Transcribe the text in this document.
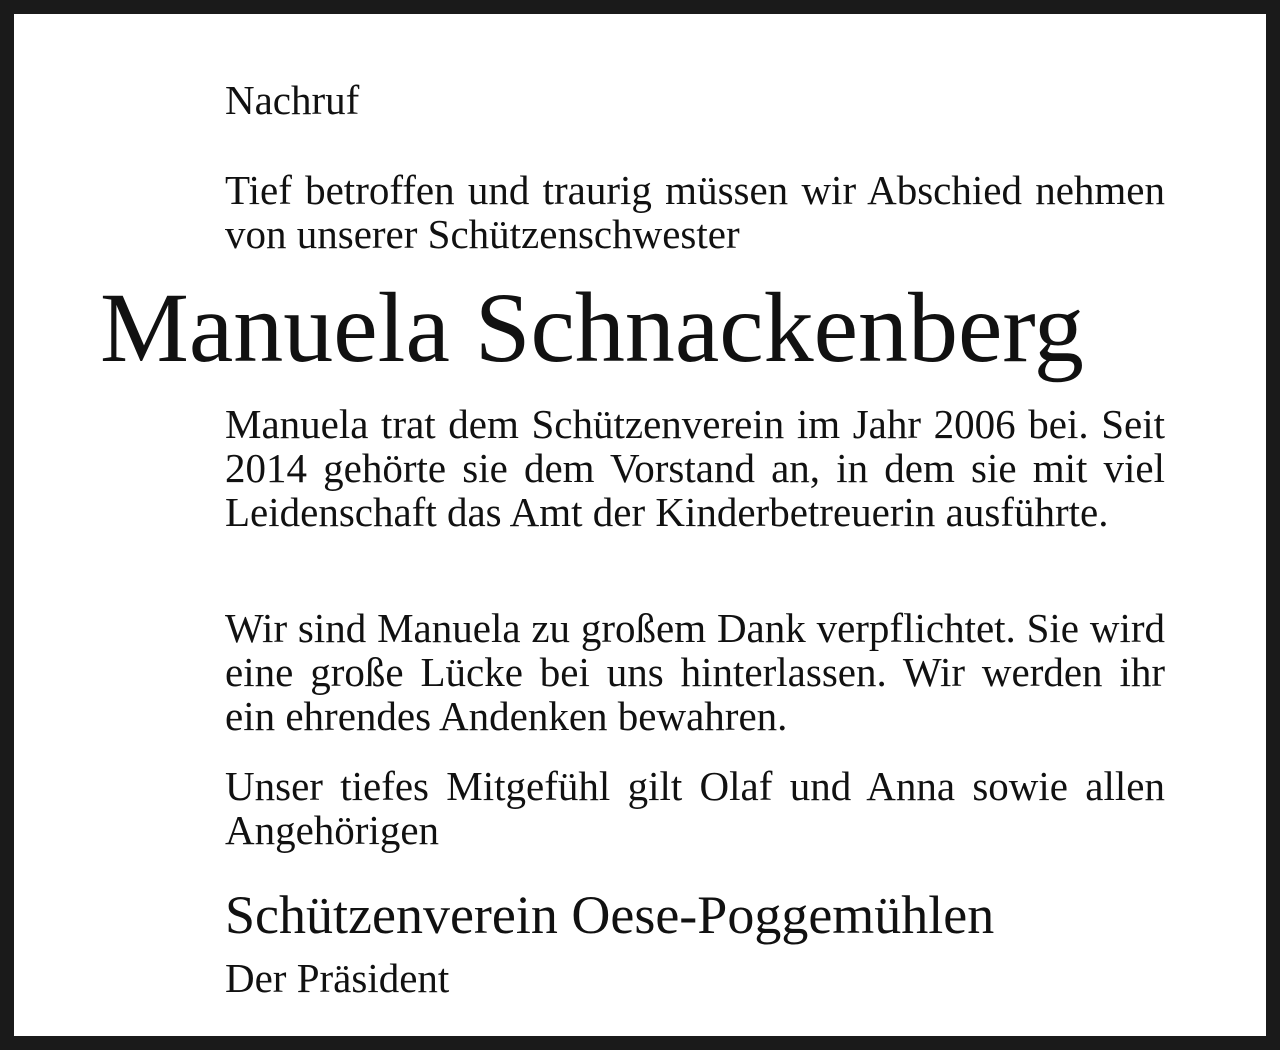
Nachruf

Tief betroffen und traurig müssen wir Abschied nehmen von unserer Schützenschwester

Manuela Schnackenberg

Manuela trat dem Schützenverein im Jahr 2006 bei. Seit 2014 gehörte sie dem Vorstand an, in dem sie mit viel Leidenschaft das Amt der Kinderbetreuerin ausführte.

Wir sind Manuela zu großem Dank verpflichtet. Sie wird eine große Lücke bei uns hinterlassen. Wir werden ihr ein ehrendes Andenken bewahren.

Unser tiefes Mitgefühl gilt Olaf und Anna sowie allen Angehörigen

Schützenverein Oese-Poggemühlen

Der Präsident
